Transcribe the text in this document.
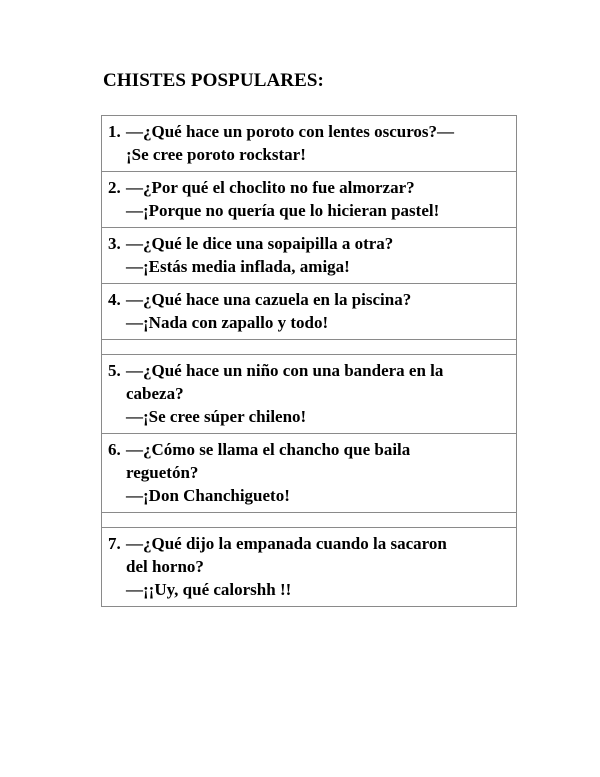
CHISTES POSPULARES:
1. —¿Qué hace un poroto con lentes oscuros?—
¡Se cree poroto rockstar!

2. —¿Por qué el choclito no fue almorzar?
—¡Porque no quería que lo hicieran pastel!

3. —¿Qué le dice una sopaipilla a otra?
—¡Estás media inflada, amiga!

4. —¿Qué hace una cazuela en la piscina?
—¡Nada con zapallo y todo!

5. —¿Qué hace un niño con una bandera en la
cabeza?
—¡Se cree súper chileno!

6. —¿Cómo se llama el chancho que baila
reguetón?
—¡Don Chanchigueto!

7. —¿Qué dijo la empanada cuando la sacaron
del horno?
—¡¡Uy, qué calorshh !!
